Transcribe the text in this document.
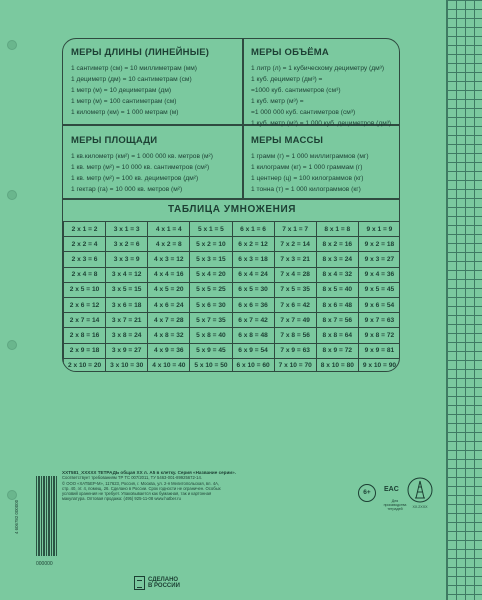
МЕРЫ ДЛИНЫ (ЛИНЕЙНЫЕ)
1 сантиметр (см) = 10 миллиметрам (мм)
1 дециметр (дм) = 10 сантиметрам (см)
1 метр (м) = 10 дециметрам (дм)
1 метр (м) = 100 сантиметрам (см)
1 километр (км) = 1 000 метрам (м)
МЕРЫ ОБЪЁМА
1 литр (л) = 1 кубическому дециметру (дм³)
1 куб. дециметр (дм³) =
=1000 куб. сантиметров (см³)
1 куб. метр (м³) =
=1 000 000 куб. сантиметров (см³)
1 куб. метр (м³) = 1 000 куб. дециметров (дм³)
МЕРЫ ПЛОЩАДИ
1 кв.километр (км²) = 1 000 000 кв. метров (м²)
1 кв. метр (м²) = 10 000 кв. сантиметров (см²)
1 кв. метр (м²) = 100 кв. дециметров (дм²)
1 гектар (га) = 10 000 кв. метров (м²)
МЕРЫ МАССЫ
1 грамм (г) = 1 000 миллиграммов (мг)
1 килограмм (кг) = 1 000 граммам (г)
1 центнер (ц) = 100 килограммов (кг)
1 тонна (т) = 1 000 килограммов (кг)
ТАБЛИЦА УМНОЖЕНИЯ
2 x 1 = 2	3 x 1 = 3	4 x 1 = 4	5 x 1 = 5	6 x 1 = 6	7 x 1 = 7	8 x 1 = 8	9 x 1 = 9
2 x 2 = 4	3 x 2 = 6	4 x 2 = 8	5 x 2 = 10	6 x 2 = 12	7 x 2 = 14	8 x 2 = 16	9 x 2 = 18
2 x 3 = 6	3 x 3 = 9	4 x 3 = 12	5 x 3 = 15	6 x 3 = 18	7 x 3 = 21	8 x 3 = 24	9 x 3 = 27
2 x 4 = 8	3 x 4 = 12	4 x 4 = 16	5 x 4 = 20	6 x 4 = 24	7 x 4 = 28	8 x 4 = 32	9 x 4 = 36
2 x 5 = 10	3 x 5 = 15	4 x 5 = 20	5 x 5 = 25	6 x 5 = 30	7 x 5 = 35	8 x 5 = 40	9 x 5 = 45
2 x 6 = 12	3 x 6 = 18	4 x 6 = 24	5 x 6 = 30	6 x 6 = 36	7 x 6 = 42	8 x 6 = 48	9 x 6 = 54
2 x 7 = 14	3 x 7 = 21	4 x 7 = 28	5 x 7 = 35	6 x 7 = 42	7 x 7 = 49	8 x 7 = 56	9 x 7 = 63
2 x 8 = 16	3 x 8 = 24	4 x 8 = 32	5 x 8 = 40	6 x 8 = 48	7 x 8 = 56	8 x 8 = 64	9 x 8 = 72
2 x 9 = 18	3 x 9 = 27	4 x 9 = 36	5 x 9 = 45	6 x 9 = 54	7 x 9 = 63	8 x 9 = 72	9 x 9 = 81
2 x 10 = 20	3 x 10 = 30	4 x 10 = 40	5 x 10 = 50	6 x 10 = 60	7 x 10 = 70	8 x 10 = 80	9 x 10 = 90
4 606782 000000
000000
ХХТ581_ХХХХХ ТЕТРАДЬ общая ХХ л. А5 в клетку. Серия «Название серии».
Соответствует требованиям ТР ТС 007/2011, ТУ 5463-001-89925672-14.
© ООО «ХАТБЕР-М», 117623, Россия, г. Москва, ул. 2-я Мелитопольская, вл. 4А,
стр. 40, эт. 4, помещ. 26. Сделано в России. Срок годности не ограничен. Особых
условий хранения не требует. Упаковывается как бумажная, так и картонная
макулатура. Оптовая продажа: (495) 925-11-08 www.hatber.ru
6+	EAC
Для производства тетрадей	ХХ.2ХХХ
СДЕЛАНО
В РОССИИ
